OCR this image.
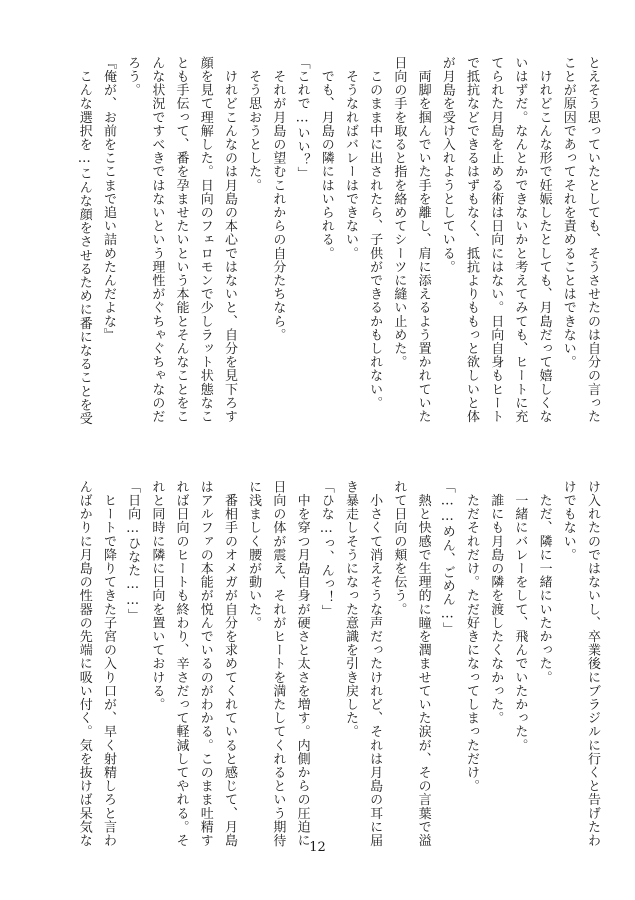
とえそう思っていたとしても、そうさせたのは自分の言った
ことが原因であってそれを責めることはできない。
　けれどこんな形で妊娠したとしても、月島だって嬉しくな
いはずだ。なんとかできないかと考えてみても、ヒートに充
てられた月島を止める術は日向にはない。日向自身もヒート
で抵抗などできるはずもなく、抵抗よりももっと欲しいと体
が月島を受け入れようとしている。
　両脚を掴んでいた手を離し、肩に添えるよう置かれていた
日向の手を取ると指を絡めてシーツに縫い止めた。
　このまま中に出されたら、子供ができるかもしれない。
　そうなればバレーはできない。
　でも、月島の隣にはいられる。
「これで…いい？」
　それが月島の望むこれからの自分たちなら。
　そう思おうとした。
　けれどこんなのは月島の本心ではないと、自分を見下ろす
顔を見て理解した。日向のフェロモンで少しラット状態なこ
とも手伝って、番を孕ませたいという本能とそんなことをこ
んな状況ですべきではないという理性がぐちゃぐちゃなのだ
ろう。
『俺が、お前をここまで追い詰めたんだよな』
　こんな選択を…こんな顔をさせるために番になることを受
け入れたのではないし、卒業後にブラジルに行くと告げたわ
けでもない。
　ただ、隣に一緒にいたかった。
　一緒にバレーをして、飛んでいたかった。
　誰にも月島の隣を渡したくなかった。
　ただそれだけ。ただ好きになってしまっただけ。
「……めん、ごめん…」
　熱と快感で生理的に瞳を潤ませていた涙が、その言葉で溢
れて日向の頬を伝う。
　小さくて消えそうな声だったけれど、それは月島の耳に届
き暴走しそうになった意識を引き戻した。
「ひな…っ、んっ！」
　中を穿つ月島自身が硬さと太さを増す。内側からの圧迫に
日向の体が震え、それがヒートを満たしてくれるという期待
に浅ましく腰が動いた。
　番相手のオメガが自分を求めてくれていると感じて、月島
はアルファの本能が悦んでいるのがわかる。このまま吐精す
れば日向のヒートも終わり、辛さだって軽減してやれる。そ
れと同時に隣に日向を置いておける。
「日向…ひなた……」
　ヒートで降りてきた子宮の入り口が、早く射精しろと言わ
んばかりに月島の性器の先端に吸い付く。気を抜けば呆気な
12
